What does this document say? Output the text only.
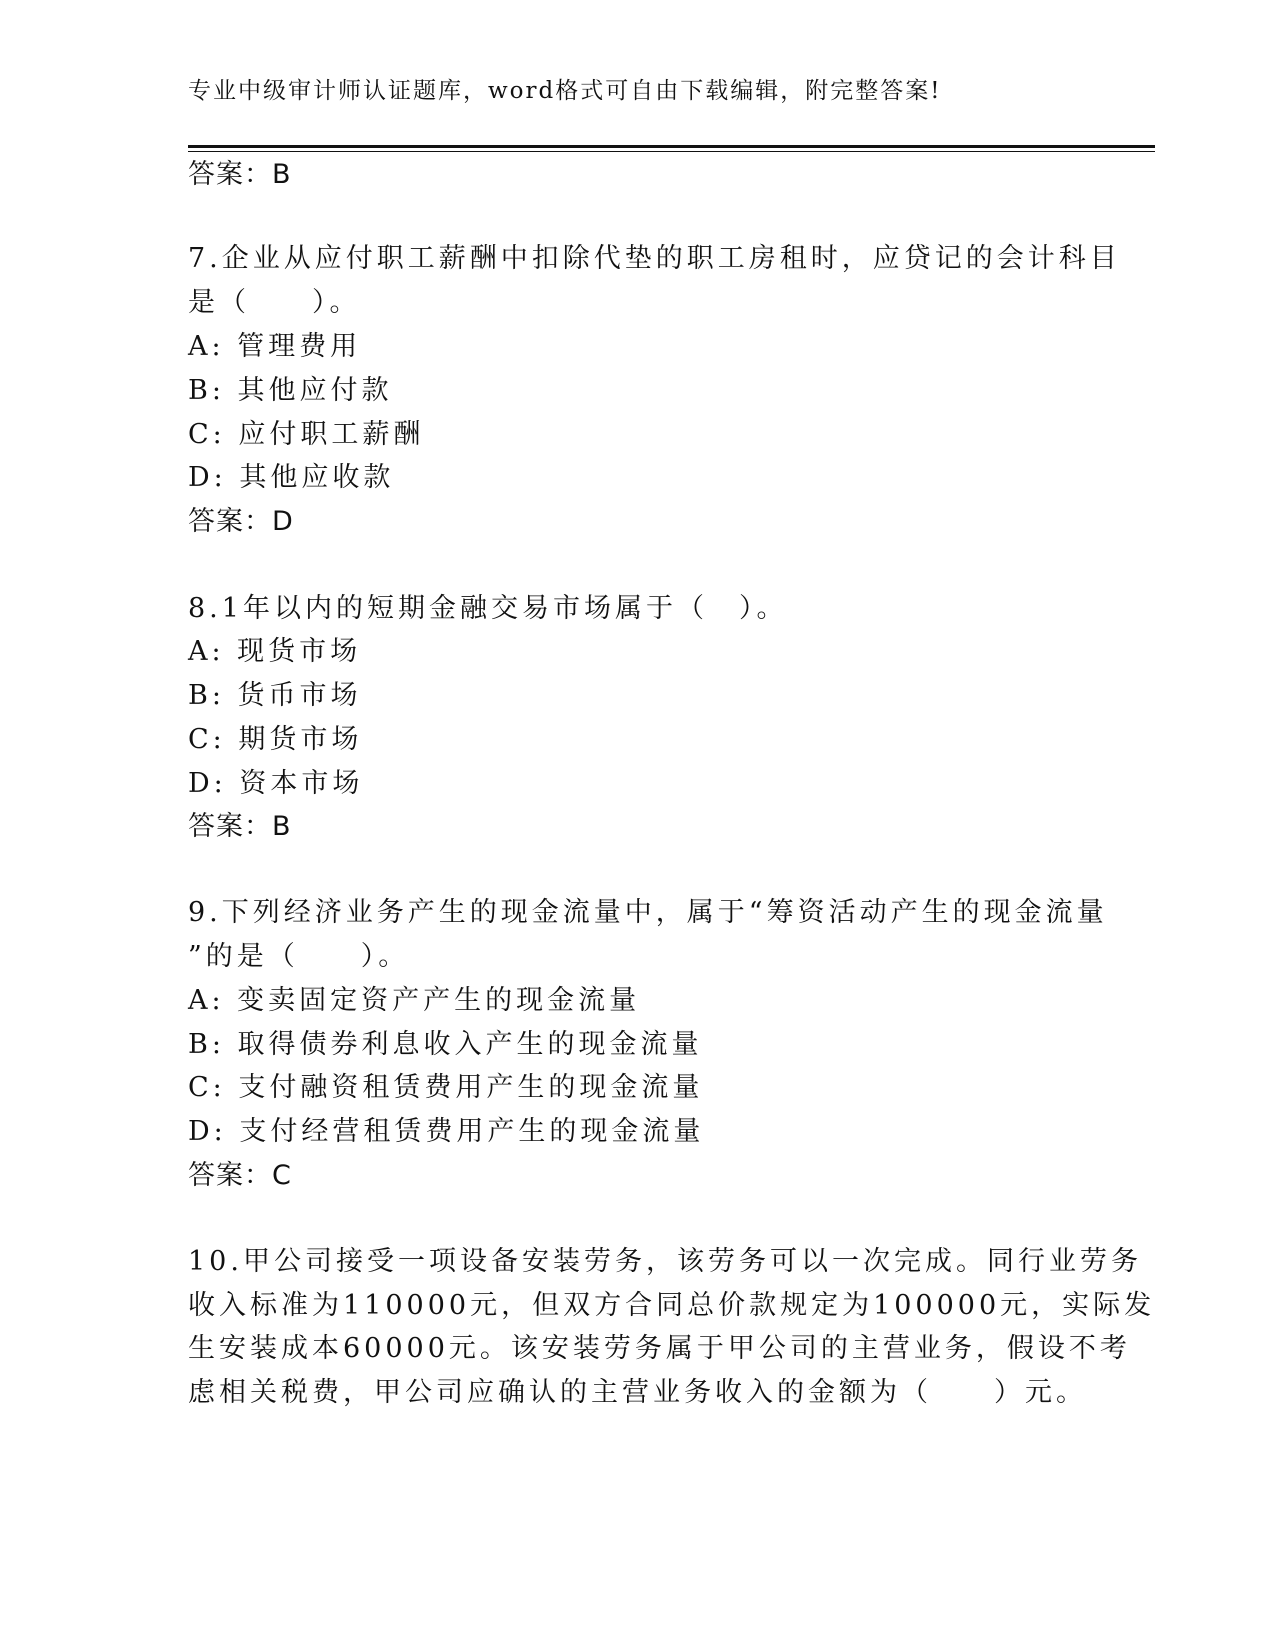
专业中级审计师认证题库，word格式可自由下载编辑，附完整答案!
答案：B
7.企业从应付职工薪酬中扣除代垫的职工房租时，应贷记的会计科目
是（　　）。
A: 管理费用
B: 其他应付款
C: 应付职工薪酬
D: 其他应收款
答案：D
8.1年以内的短期金融交易市场属于（　）。
A: 现货市场
B: 货币市场
C: 期货市场
D: 资本市场
答案：B
9.下列经济业务产生的现金流量中，属于“筹资活动产生的现金流量
”的是（　　）。
A: 变卖固定资产产生的现金流量
B: 取得债券利息收入产生的现金流量
C: 支付融资租赁费用产生的现金流量
D: 支付经营租赁费用产生的现金流量
答案：C
10.甲公司接受一项设备安装劳务，该劳务可以一次完成。同行业劳务
收入标准为110000元，但双方合同总价款规定为100000元，实际发
生安装成本60000元。该安装劳务属于甲公司的主营业务，假设不考
虑相关税费，甲公司应确认的主营业务收入的金额为（　　）元。
